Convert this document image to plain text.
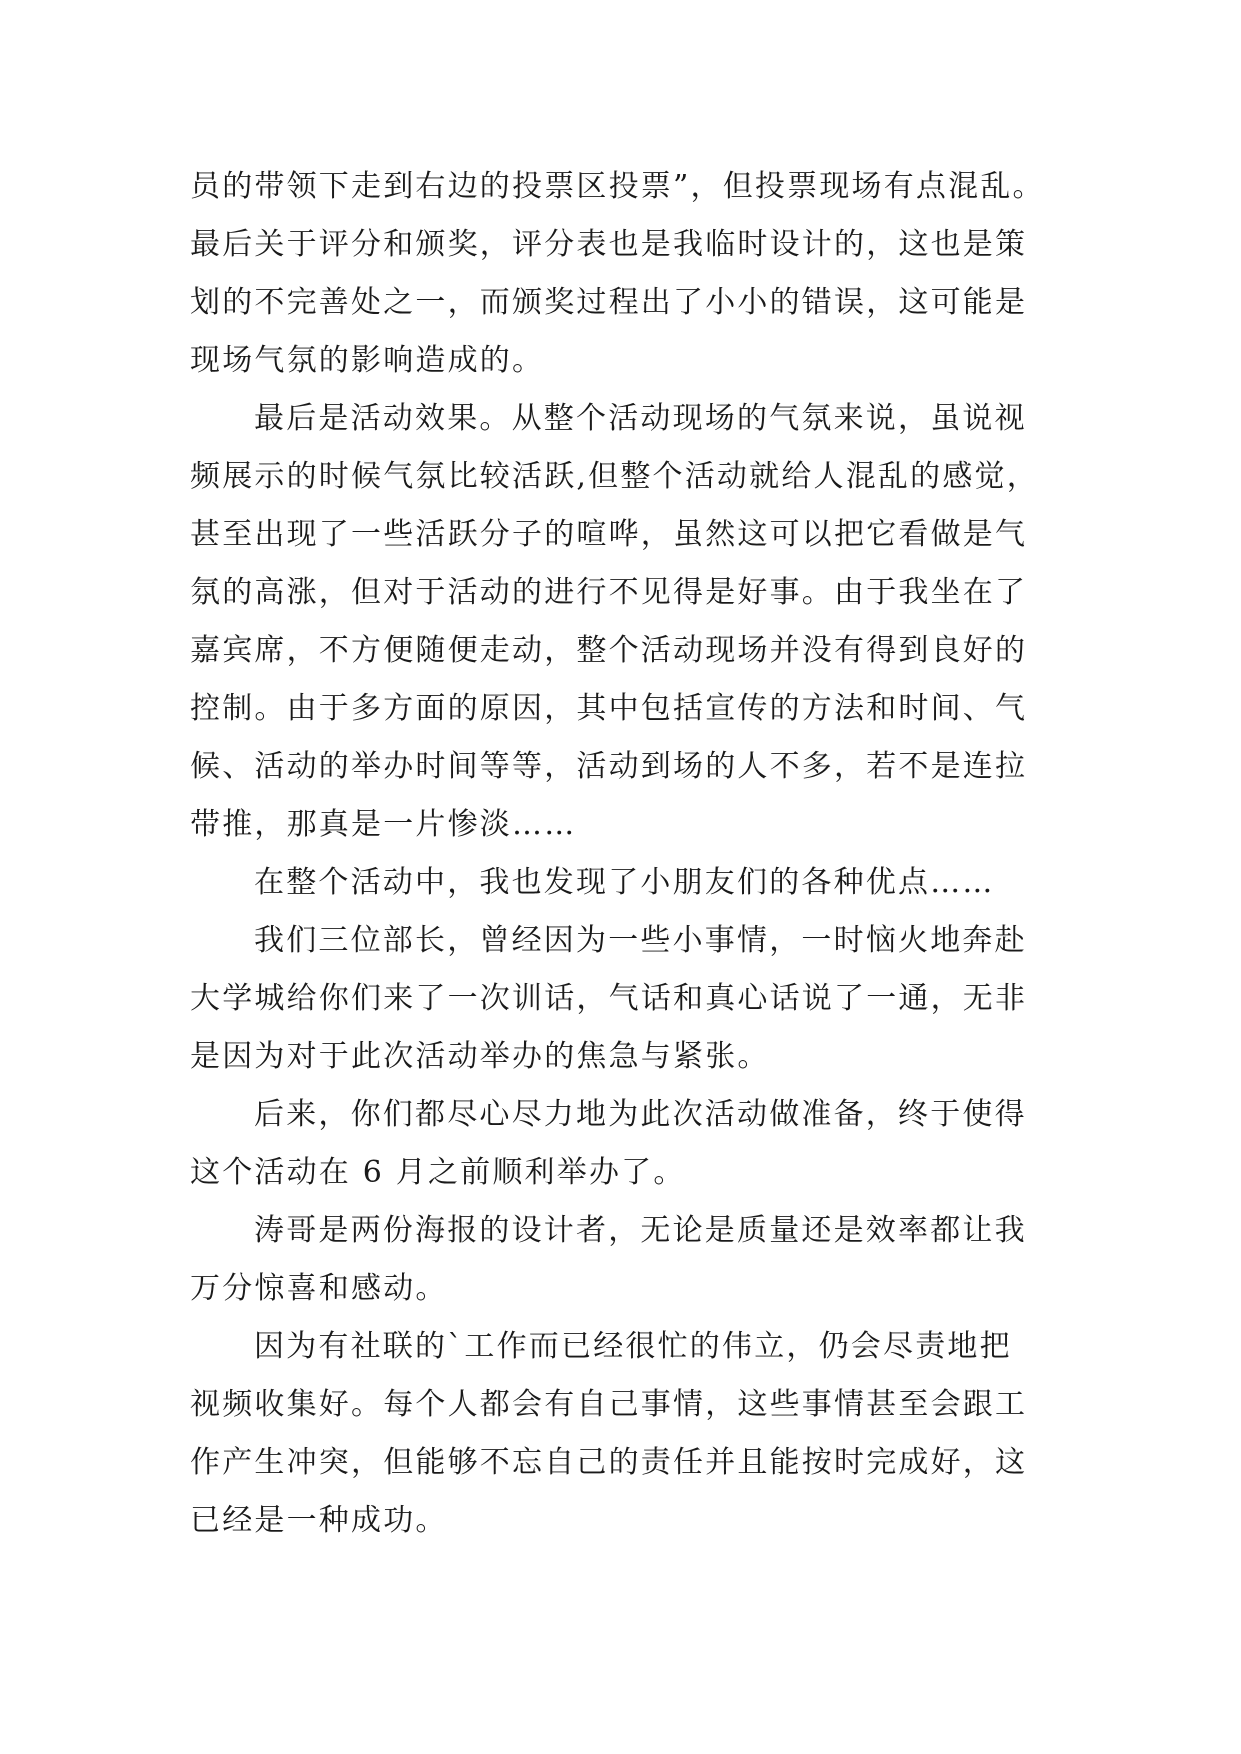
员的带领下走到右边的投票区投票”，但投票现场有点混乱。
最后关于评分和颁奖，评分表也是我临时设计的，这也是策
划的不完善处之一，而颁奖过程出了小小的错误，这可能是
现场气氛的影响造成的。
最后是活动效果。从整个活动现场的气氛来说，虽说视
频展示的时候气氛比较活跃,但整个活动就给人混乱的感觉，
甚至出现了一些活跃分子的喧哗，虽然这可以把它看做是气
氛的高涨，但对于活动的进行不见得是好事。由于我坐在了
嘉宾席，不方便随便走动，整个活动现场并没有得到良好的
控制。由于多方面的原因，其中包括宣传的方法和时间、气
候、活动的举办时间等等，活动到场的人不多，若不是连拉
带推，那真是一片惨淡……
在整个活动中，我也发现了小朋友们的各种优点……
我们三位部长，曾经因为一些小事情，一时恼火地奔赴
大学城给你们来了一次训话，气话和真心话说了一通，无非
是因为对于此次活动举办的焦急与紧张。
后来，你们都尽心尽力地为此次活动做准备，终于使得
这个活动在 6 月之前顺利举办了。
涛哥是两份海报的设计者，无论是质量还是效率都让我
万分惊喜和感动。
因为有社联的`工作而已经很忙的伟立，仍会尽责地把
视频收集好。每个人都会有自己事情，这些事情甚至会跟工
作产生冲突，但能够不忘自己的责任并且能按时完成好，这
已经是一种成功。
